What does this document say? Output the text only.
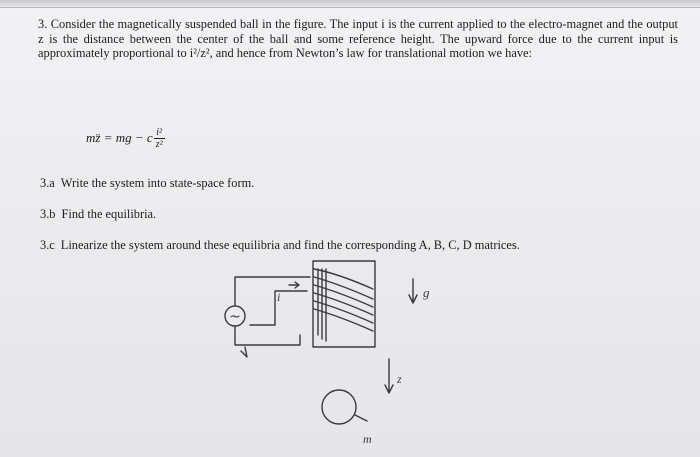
3. Consider the magnetically suspended ball in the figure. The input i is the current applied to the electro-magnet and the output z is the distance between the center of the ball and some reference height. The upward force due to the current input is approximately proportional to i²/z², and hence from Newton’s law for translational motion we have:

mz̈ = mg − c $\frac{\text{i²}}{\text{z²}}$

3.a Write the system into state-space form.

3.b Find the equilibria.

3.c Linearize the system around these equilibria and find the corresponding A, B, C, D matrices.

~
i	g
z
m
